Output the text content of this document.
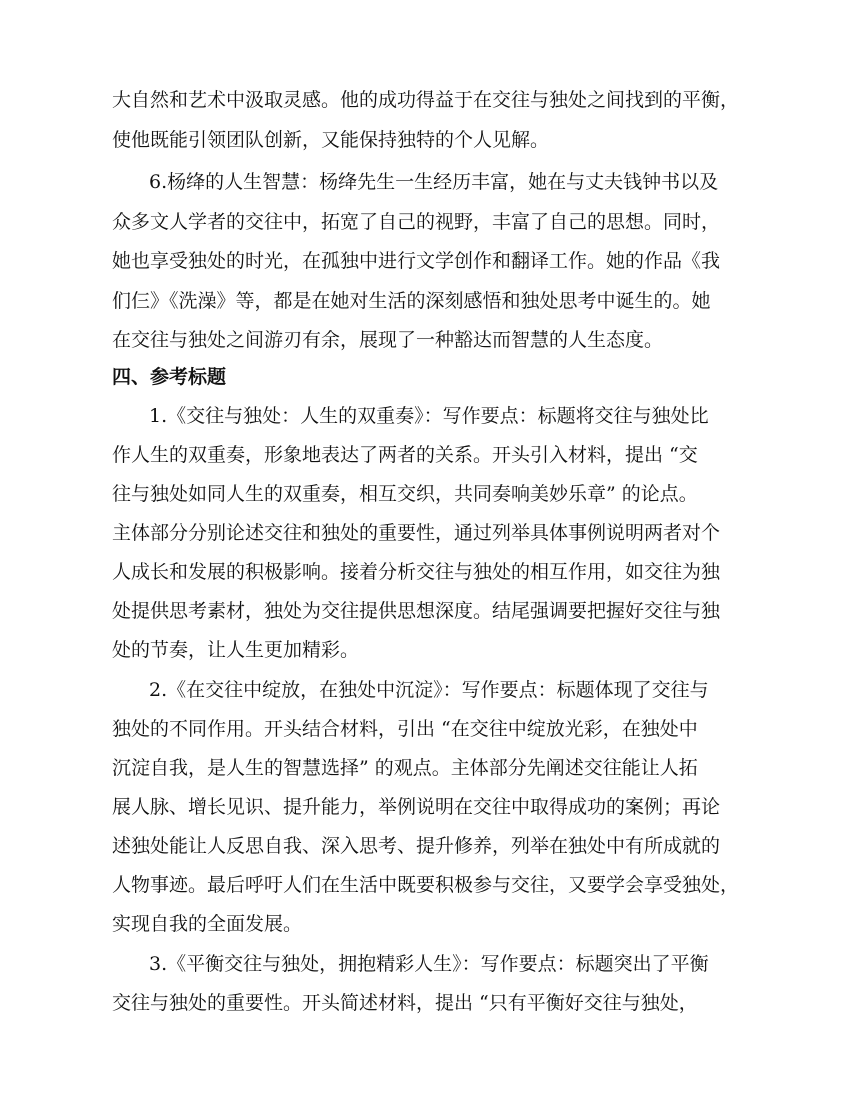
大自然和艺术中汲取灵感。他的成功得益于在交往与独处之间找到的平衡，

使他既能引领团队创新，又能保持独特的个人见解。

6.杨绛的人生智慧：杨绛先生一生经历丰富，她在与丈夫钱钟书以及

众多文人学者的交往中，拓宽了自己的视野，丰富了自己的思想。同时，

她也享受独处的时光，在孤独中进行文学创作和翻译工作。她的作品《我

们仨》《洗澡》等，都是在她对生活的深刻感悟和独处思考中诞生的。她

在交往与独处之间游刃有余，展现了一种豁达而智慧的人生态度。

四、参考标题

1.《交往与独处：人生的双重奏》：写作要点：标题将交往与独处比

作人生的双重奏，形象地表达了两者的关系。开头引入材料，提出 “交

往与独处如同人生的双重奏，相互交织，共同奏响美妙乐章” 的论点。

主体部分分别论述交往和独处的重要性，通过列举具体事例说明两者对个

人成长和发展的积极影响。接着分析交往与独处的相互作用，如交往为独

处提供思考素材，独处为交往提供思想深度。结尾强调要把握好交往与独

处的节奏，让人生更加精彩。

2.《在交往中绽放，在独处中沉淀》：写作要点：标题体现了交往与

独处的不同作用。开头结合材料，引出 “在交往中绽放光彩，在独处中

沉淀自我，是人生的智慧选择” 的观点。主体部分先阐述交往能让人拓

展人脉、增长见识、提升能力，举例说明在交往中取得成功的案例；再论

述独处能让人反思自我、深入思考、提升修养，列举在独处中有所成就的

人物事迹。最后呼吁人们在生活中既要积极参与交往，又要学会享受独处，

实现自我的全面发展。

3.《平衡交往与独处，拥抱精彩人生》：写作要点：标题突出了平衡

交往与独处的重要性。开头简述材料，提出 “只有平衡好交往与独处，
